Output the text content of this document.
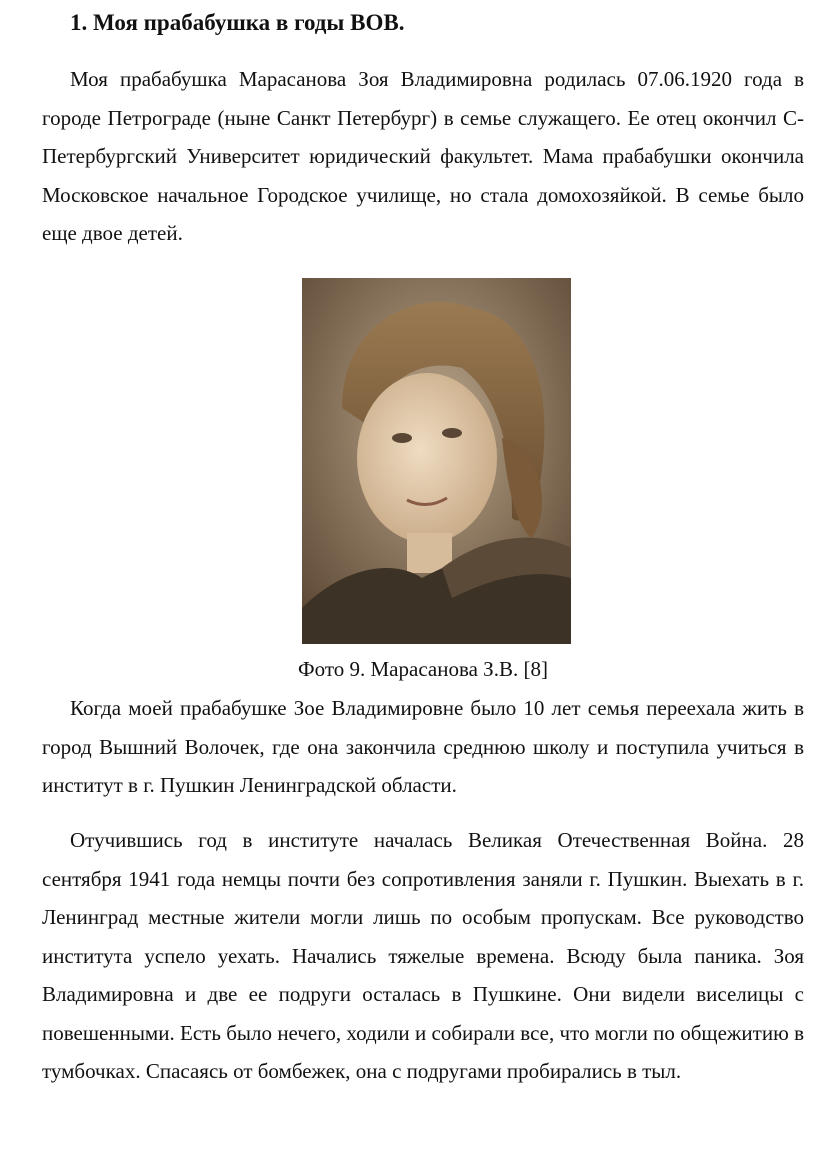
1. Моя прабабушка в годы ВОВ.

Моя прабабушка Марасанова Зоя Владимировна родилась 07.06.1920 года в городе Петрограде (ныне Санкт Петербург) в семье служащего. Ее отец окончил С-Петербургский Университет юридический факультет. Мама прабабушки окончила Московское начальное Городское училище, но стала домохозяйкой. В семье было еще двое детей.

Фото 9. Марасанова З.В. [8]

Когда моей прабабушке Зое Владимировне было 10 лет семья переехала жить в город Вышний Волочек, где она закончила среднюю школу и поступила учиться в институт в г. Пушкин Ленинградской области.

Отучившись год в институте началась Великая Отечественная Война. 28 сентября 1941 года немцы почти без сопротивления заняли г. Пушкин. Выехать в г. Ленинград местные жители могли лишь по особым пропускам. Все руководство института успело уехать. Начались тяжелые времена. Всюду была паника. Зоя Владимировна и две ее подруги осталась в Пушкине. Они видели виселицы с повешенными. Есть было нечего, ходили и собирали все, что могли по общежитию в тумбочках. Спасаясь от бомбежек, она с подругами пробирались в тыл.
